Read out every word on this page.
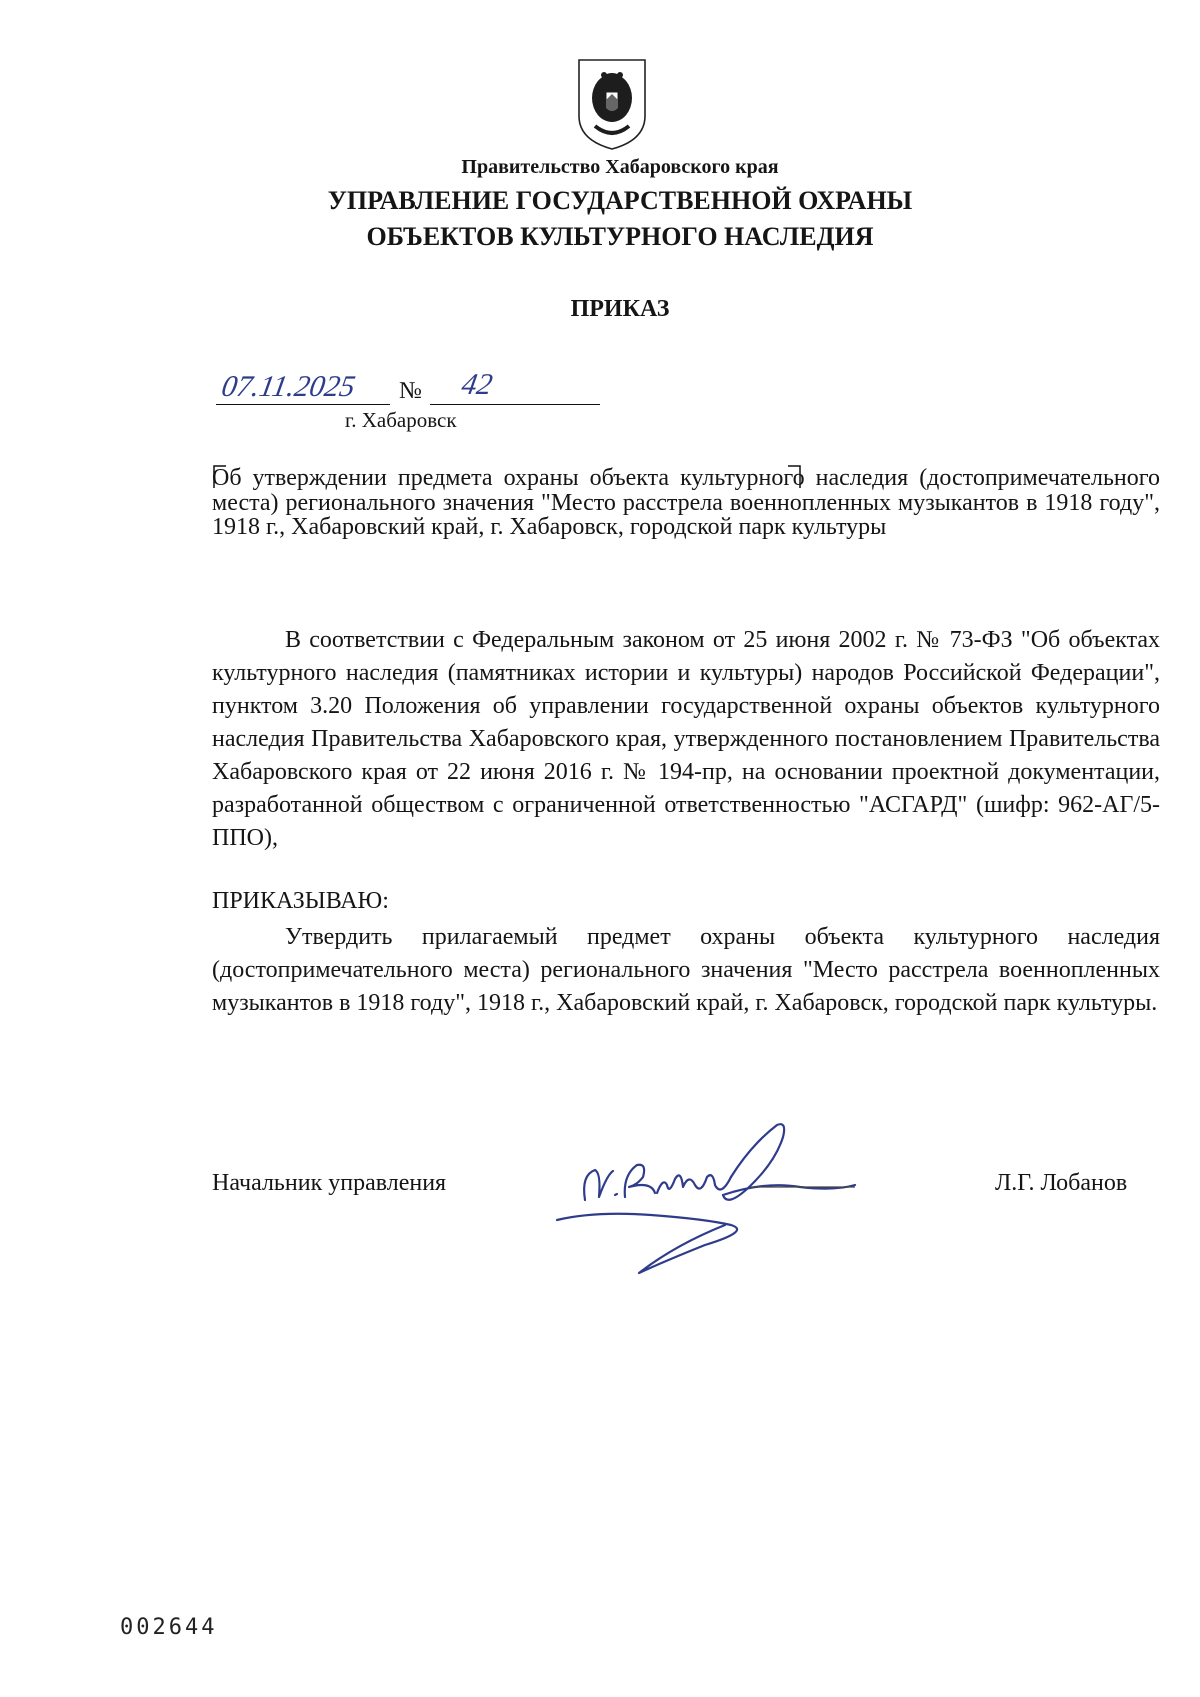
Правительство Хабаровского края
УПРАВЛЕНИЕ ГОСУДАРСТВЕННОЙ ОХРАНЫ
ОБЪЕКТОВ КУЛЬТУРНОГО НАСЛЕДИЯ
ПРИКАЗ
07.11.2025 № 42
г. Хабаровск
Об утверждении предмета охраны объекта культурного наследия (достопримечательного места) регионального значения "Место расстрела военнопленных музыкантов в 1918 году", 1918 г., Хабаровский край, г. Хабаровск, городской парк культуры
В соответствии с Федеральным законом от 25 июня 2002 г. № 73-ФЗ "Об объектах культурного наследия (памятниках истории и культуры) народов Российской Федерации", пунктом 3.20 Положения об управлении государственной охраны объектов культурного наследия Правительства Хабаровского края, утвержденного постановлением Правительства Хабаровского края от 22 июня 2016 г. № 194-пр, на основании проектной документации, разработанной обществом с ограниченной ответственностью "АСГАРД" (шифр: 962-АГ/5-ППО),
ПРИКАЗЫВАЮ:
Утвердить прилагаемый предмет охраны объекта культурного наследия (достопримечательного места) регионального значения "Место расстрела военнопленных музыкантов в 1918 году", 1918 г., Хабаровский край, г. Хабаровск, городской парк культуры.
Начальник управления	Л.Г. Лобанов
002644
